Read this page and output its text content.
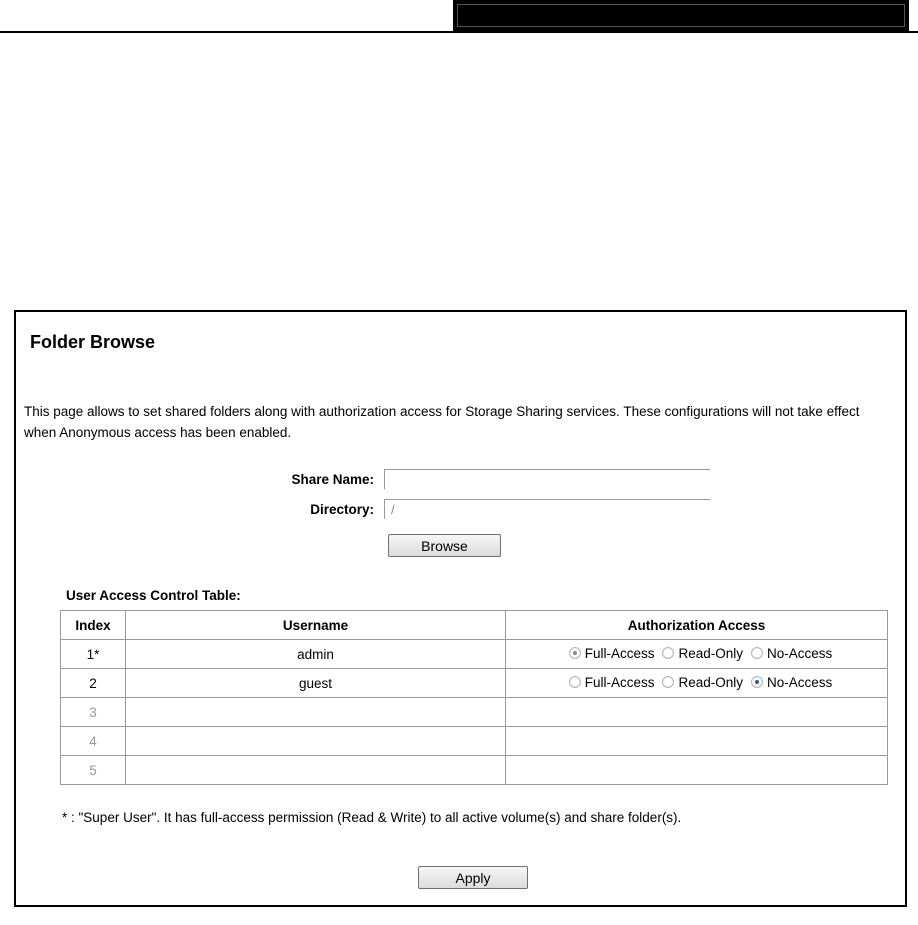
Folder Browse
This page allows to set shared folders along with authorization access for Storage Sharing services. These configurations will not take effect when Anonymous access has been enabled.
Share Name:
Directory:
/
Browse
User Access Control Table:
Index	Username	Authorization Access
1*	admin	Full-Access Read-Only No-Access

2	guest	Full-Access Read-Only No-Access

3		
4		
5		
* : "Super User". It has full-access permission (Read & Write) to all active volume(s) and share folder(s).
Apply
